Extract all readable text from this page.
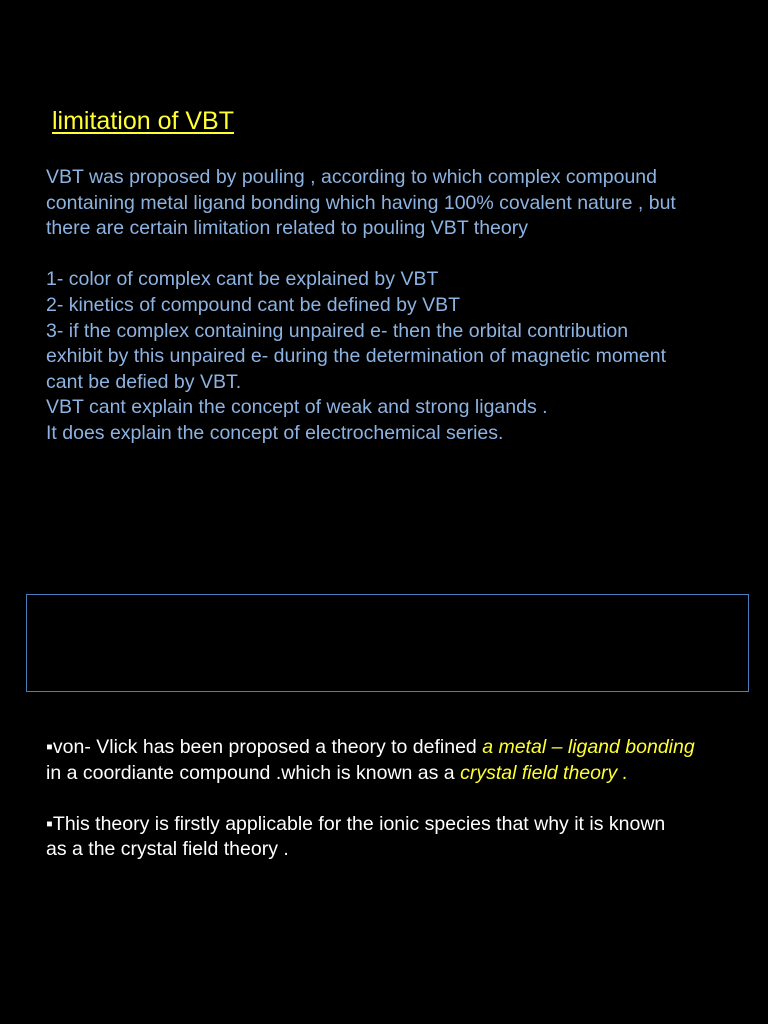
limitation of VBT
VBT was proposed by pouling , according to which complex compound
containing metal ligand bonding which having 100% covalent nature , but
there are certain limitation related to pouling VBT theory
1- color of complex cant be explained by VBT
2- kinetics of compound cant be defined by VBT
3- if the complex containing unpaired e- then the orbital contribution
exhibit by this unpaired e- during the determination of magnetic moment
cant be defied by VBT.
VBT cant explain the concept of weak and strong ligands .
It does explain the concept of electrochemical series.
▪von- Vlick has been proposed a theory to defined a metal – ligand bonding
in a coordiante compound .which is known as a crystal field theory .
▪This theory is firstly applicable for the ionic species that why it is known
as a the crystal field theory .
